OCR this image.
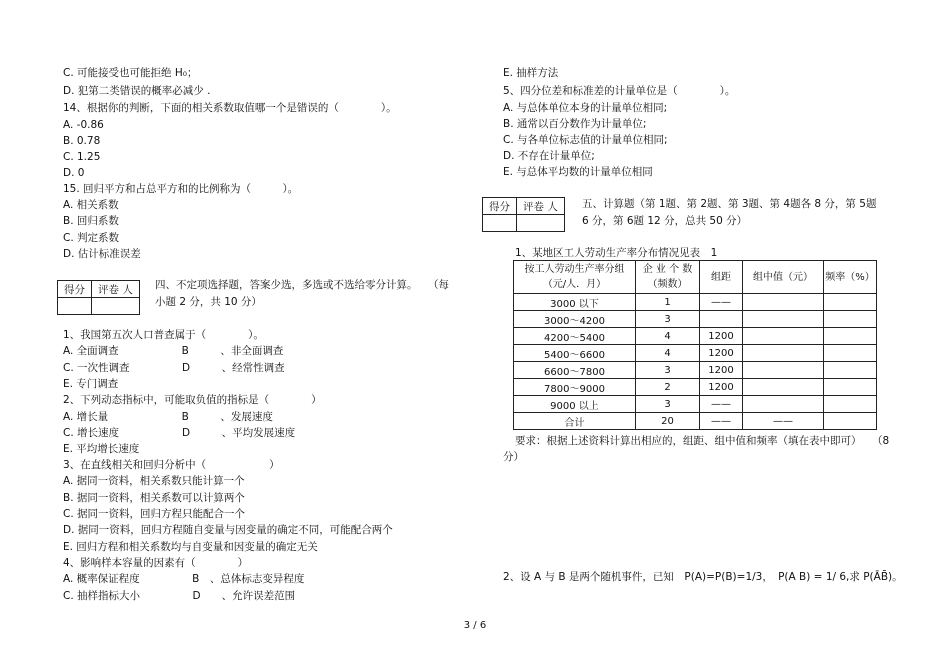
C. 可能接受也可能拒绝 H₀；
D. 犯第二类错误的概率必减少 .
14、根据你的判断，下面的相关系数取值哪一个是错误的（　　　　）。
A. -0.86
B. 0.78
C. 1.25
D. 0
15. 回归平方和占总平方和的比例称为（　　　）。
A. 相关系数
B. 回归系数
C. 判定系数
D. 估计标准误差
得分	评卷 人
	四、不定项选择题，答案少选，多选或不选给零分计算。　　（每
小题 2 分，共 10 分）
1、我国第五次人口普查属于（　　　　）。
A. 全面调查　　　　　　B　　　、非全面调查
C. 一次性调查　　　　　D　　　、经常性调查
E. 专门调查
2、下列动态指标中，可能取负值的指标是（　　　　）
A. 增长量　　　　　　　B　　　、发展速度
C. 增长速度　　　　　　D　　　、平均发展速度
E. 平均增长速度
3、在直线相关和回归分析中（　　　　　　）
A. 据同一资料，相关系数只能计算一个
B. 据同一资料，相关系数可以计算两个
C. 据同一资料，回归方程只能配合一个
D. 据同一资料，回归方程随自变量与因变量的确定不同，可能配合两个
E. 回归方程和相关系数均与自变量和因变量的确定无关
4、影响样本容量的因素有（　　　　）
A. 概率保证程度　　　　　B　、总体标志变异程度
C. 抽样指标大小　　　　　D　　、允许误差范围
E. 抽样方法
5、四分位差和标准差的计量单位是（　　　　）。
A. 与总体单位本身的计量单位相同;
B. 通常以百分数作为计量单位;
C. 与各单位标志值的计量单位相同;
D. 不存在计量单位;
E. 与总体平均数的计量单位相同
得分	评卷 人
	五、计算题（第 1题、第 2题、第 3题、第 4题各 8 分，第 5题
6 分，第 6题 12 分，总共 50 分）
1、某地区工人劳动生产率分布情况见表　1
按工人劳动生产率分组（元/人．月）	企 业 个 数（频数）	组距	组中值（元）	频率（%）
3000 以下	1	——		
3000～4200	3			
4200～5400	4	1200		
5400～6600	4	1200		
6600～7800	3	1200		
7800～9000	2	1200		
9000 以上	3	——		
合计	20	——	——	
要求：根据上述资料计算出相应的，组距、组中值和频率（填在表中即可）　　（8
分）
2、设 A 与 B 是两个随机事件，已知　P(A)=P(B)=1/3，　P(A B) = 1/ 6,求 P(ĀB̄)。
3 / 6
